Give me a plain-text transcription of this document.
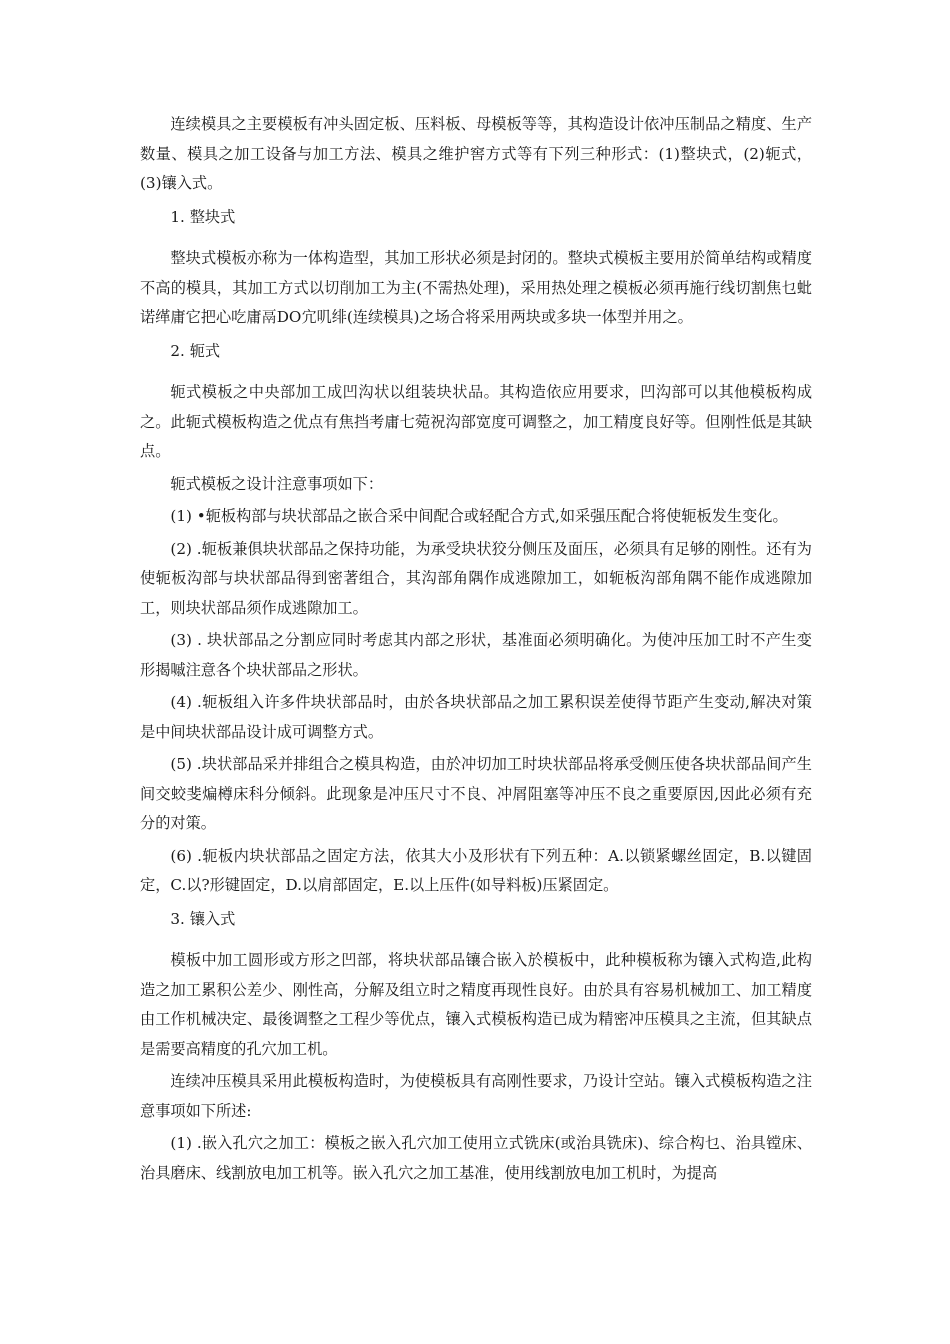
连续模具之主要模板有冲头固定板、压料板、母模板等等，其构造设计依冲压制品之精度、生产数量、模具之加工设备与加工方法、模具之维护窖方式等有下列三种形式：(1)整块式，(2)轭式，(3)镶入式。

1. 整块式

整块式模板亦称为一体构造型，其加工形状必须是封闭的。整块式模板主要用於简单结构或精度不高的模具，其加工方式以切削加工为主(不需热处理)，采用热处理之模板必须再施行线切割焦乜蚍诺缂庸它把心吃庸鬲DO宂叽绯(连续模具)之场合将采用两块或多块一体型并用之。

2. 轭式

轭式模板之中央部加工成凹沟状以组装块状品。其构造依应用要求，凹沟部可以其他模板构成之。此轭式模板构造之优点有焦挡考庸七菀祝沟部宽度可调整之，加工精度良好等。但刚性低是其缺点。

轭式模板之设计注意事项如下：

(1) •轭板构部与块状部品之嵌合采中间配合或轻配合方式,如采强压配合将使轭板发生变化。

(2) .轭板兼俱块状部品之保持功能，为承受块状狡分侧压及面压，必须具有足够的刚性。还有为使轭板沟部与块状部品得到密著组合，其沟部角隅作成逃隙加工，如轭板沟部角隅不能作成逃隙加工，则块状部品须作成逃隙加工。

(3) . 块状部品之分割应同时考虑其内部之形状，基准面必须明确化。为使冲压加工时不产生变形揭嘁注意各个块状部品之形状。

(4) .轭板组入许多件块状部品时，由於各块状部品之加工累积误差使得节距产生变动,解决对策是中间块状部品设计成可调整方式。

(5) .块状部品采并排组合之模具构造，由於冲切加工时块状部品将承受侧压使各块状部品间产生间交蛟斐煸樽床科分倾斜。此现象是冲压尺寸不良、冲屑阻塞等冲压不良之重要原因,因此必须有充分的对策。

(6) .轭板内块状部品之固定方法，依其大小及形状有下列五种：A.以锁紧螺丝固定，B.以键固定，C.以?形键固定，D.以肩部固定，E.以上压件(如导料板)压紧固定。

3. 镶入式

模板中加工圆形或方形之凹部，将块状部品镶合嵌入於模板中，此种模板称为镶入式构造,此构造之加工累积公差少、刚性高，分解及组立时之精度再现性良好。由於具有容易机械加工、加工精度由工作机械决定、最後调整之工程少等优点，镶入式模板构造已成为精密冲压模具之主流，但其缺点是需要高精度的孔穴加工机。

连续冲压模具采用此模板构造时，为使模板具有高刚性要求，乃设计空站。镶入式模板构造之注意事项如下所述:

(1) .嵌入孔穴之加工：模板之嵌入孔穴加工使用立式铣床(或治具铣床)、综合构乜、治具镗床、治具磨床、线割放电加工机等。嵌入孔穴之加工基准，使用线割放电加工机时，为提高
